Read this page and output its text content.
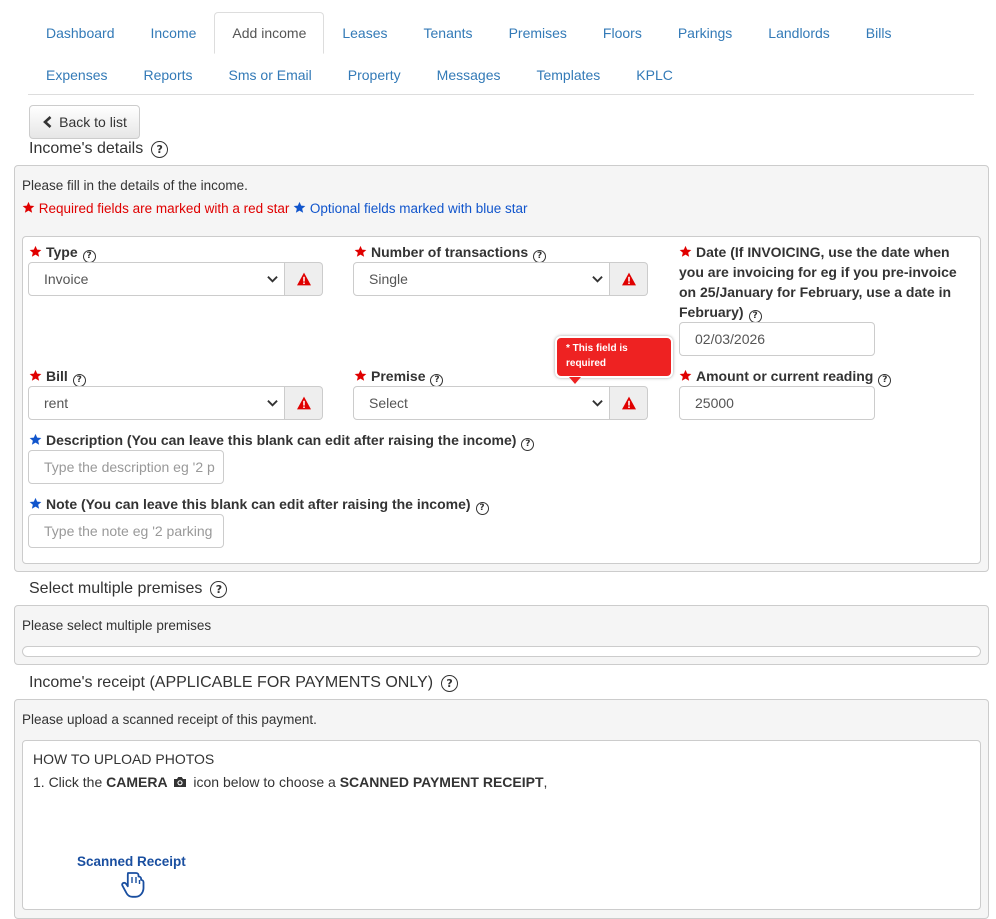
Dashboard	Income	Add income	Leases	Tenants	Premises	Floors	Parkings	Landlords	Bills
Expenses	Reports	Sms or Email	Property	Messages	Templates	KPLC
Back to list
Income's details	?
Please fill in the details of the income.
Required fields are marked with a red star Optional fields marked with blue star
Type ?
Invoice
Number of transactions ?
Single
Date (If INVOICING, use the date when you are invoicing for eg if you pre-invoice on 25/January for February, use a date in February) ?
02/03/2026
Bill ?
rent
Premise ?
Select
* This field is required
Amount or current reading ?
25000
Description (You can leave this blank can edit after raising the income) ?
Type the description eg '2 p
Note (You can leave this blank can edit after raising the income) ?
Type the note eg '2 parking
Select multiple premises	?
Please select multiple premises
Income's receipt (APPLICABLE FOR PAYMENTS ONLY)	?
Please upload a scanned receipt of this payment.
HOW TO UPLOAD PHOTOS
1. Click the CAMERA  icon below to choose a SCANNED PAYMENT RECEIPT,
Scanned Receipt
